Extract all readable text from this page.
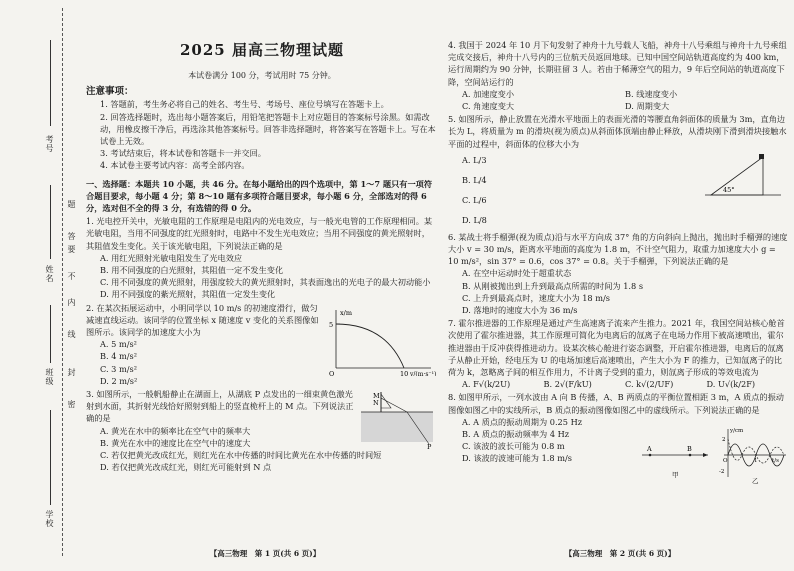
考号
姓名
班级
学校
题
答
要
不
内
线
封
密
2025 届高三物理试题
本试卷满分 100 分，考试用时 75 分钟。
注意事项：

1. 答题前，考生务必将自己的姓名、考生号、考场号、座位号填写在答题卡上。

2. 回答选择题时，选出每小题答案后，用铅笔把答题卡上对应题目的答案标号涂黑。如需改动，用橡皮擦干净后，再选涂其他答案标号。回答非选择题时，将答案写在答题卡上。写在本试卷上无效。

3. 考试结束后，将本试卷和答题卡一并交回。

4. 本试卷主要考试内容：高考全部内容。

一、选择题：本题共 10 小题，共 46 分。在每小题给出的四个选项中，第 1～7 题只有一项符合题目要求，每小题 4 分；第 8～10 题有多项符合题目要求，每小题 6 分，全部选对的得 6 分，选对但不全的得 3 分，有选错的得 0 分。

1. 光电控开关中，光敏电阻的工作原理是电阻内的光电效应，与一般光电管的工作原理相同。某光敏电阻，当用不同强度的红光照射时，电路中不发生光电效应；当用不同强度的黄光照射时，其阻值发生变化。关于该光敏电阻，下列说法正确的是

A. 用红光照射光敏电阻发生了光电效应

B. 用不同强度的白光照射，其阻值一定不发生变化

C. 用不同强度的黄光照射，用强度较大的黄光照射时，其表面逸出的光电子的最大初动能小

D. 用不同强度的紫光照射，其阻值一定发生变化

2. 在某次拓展运动中，小明同学以 10 m/s 的初速度滑行，做匀减速直线运动。该同学的位置坐标 x 随速度 v 变化的关系图像如图所示。该同学的加速度大小为

A. 5 m/s²

B. 4 m/s²

C. 3 m/s²

D. 2 m/s²

x/m
5
10 v/(m·s⁻¹)
O

3. 如图所示，一般帆船静止在湖面上，从湖底 P 点发出的一细束黄色激光射到水面，其折射光线恰好照射到船上的竖直桅杆上的 M 点。下列说法正确的是

A. 黄光在水中的频率比在空气中的频率大

B. 黄光在水中的速度比在空气中的速度大

C. 若仅把黄光改成红光，则红光在水中传播的时间比黄光在水中传播的时间短

D. 若仅把黄光改成红光，则红光可能射到 N 点

M
N
P
【高三物理　第 1 页(共 6 页)】

4. 我国于 2024 年 10 月下旬发射了神舟十九号载人飞船，神舟十八号乘组与神舟十九号乘组完成交接后，神舟十八号内的三位航天员返回地球。已知中国空间站轨道高度约为 400 km，运行周期约为 90 分钟，长期驻留 3 人。若由于稀薄空气的阻力，9 年后空间站的轨道高度下降，空间站运行的

A. 加速度变小	B. 线速度变小
C. 角速度变大	D. 周期变大

5. 如图所示，静止放置在光滑水平地面上的表面光滑的等腰直角斜面体的质量为 3m，直角边长为 L，将质量为 m 的滑块(视为质点)从斜面体顶端由静止释放，从滑块刚下滑到滑块接触水平面的过程中，斜面体的位移大小为

A. L/3

B. L/4

C. L/6

D. L/8

45°

6. 某战士将手榴弹(视为质点)沿与水平方向成 37° 角的方向斜向上抛出，抛出时手榴弹的速度大小 v = 30 m/s，距离水平地面的高度为 1.8 m，不计空气阻力，取重力加速度大小 g = 10 m/s²，sin 37° = 0.6，cos 37° = 0.8。关于手榴弹，下列说法正确的是

A. 在空中运动时处于超重状态

B. 从刚被抛出到上升到最高点所需的时间为 1.8 s

C. 上升到最高点时，速度大小为 18 m/s

D. 落地时的速度大小为 36 m/s

7. 霍尔推进器的工作原理是通过产生高速离子流来产生推力。2021 年，我国空间站核心舱首次使用了霍尔推进器，其工作原理可简化为电离后的氙离子在电场力作用下被高速喷出，霍尔推进器由于反冲获得推进动力。设某次核心舱进行姿态调整，开启霍尔推进器，电离后的氙离子从静止开始，经电压为 U 的电场加速后高速喷出，产生大小为 F 的推力，已知氙离子的比荷为 k，忽略离子间的相互作用力，不计离子受到的重力，则氙离子形成的等效电流为

A. F√(k/2U)	B. 2√(F/kU)	C. k√(2/UF)	D. U√(k/2F)

8. 如图甲所示，一列水波由 A 向 B 传播，A、B 两质点的平衡位置相距 3 m，A 质点的振动图像如图乙中的实线所示，B 质点的振动图像如图乙中的虚线所示。下列说法正确的是

A. A 质点的振动周期为 0.25 Hz

B. A 质点的振动频率为 4 Hz

C. 该波的波长可能为 0.8 m

D. 该波的波速可能为 1.8 m/s

A	B
甲
y/cm
t/s
2
-2
1
O
乙
【高三物理　第 2 页(共 6 页)】
